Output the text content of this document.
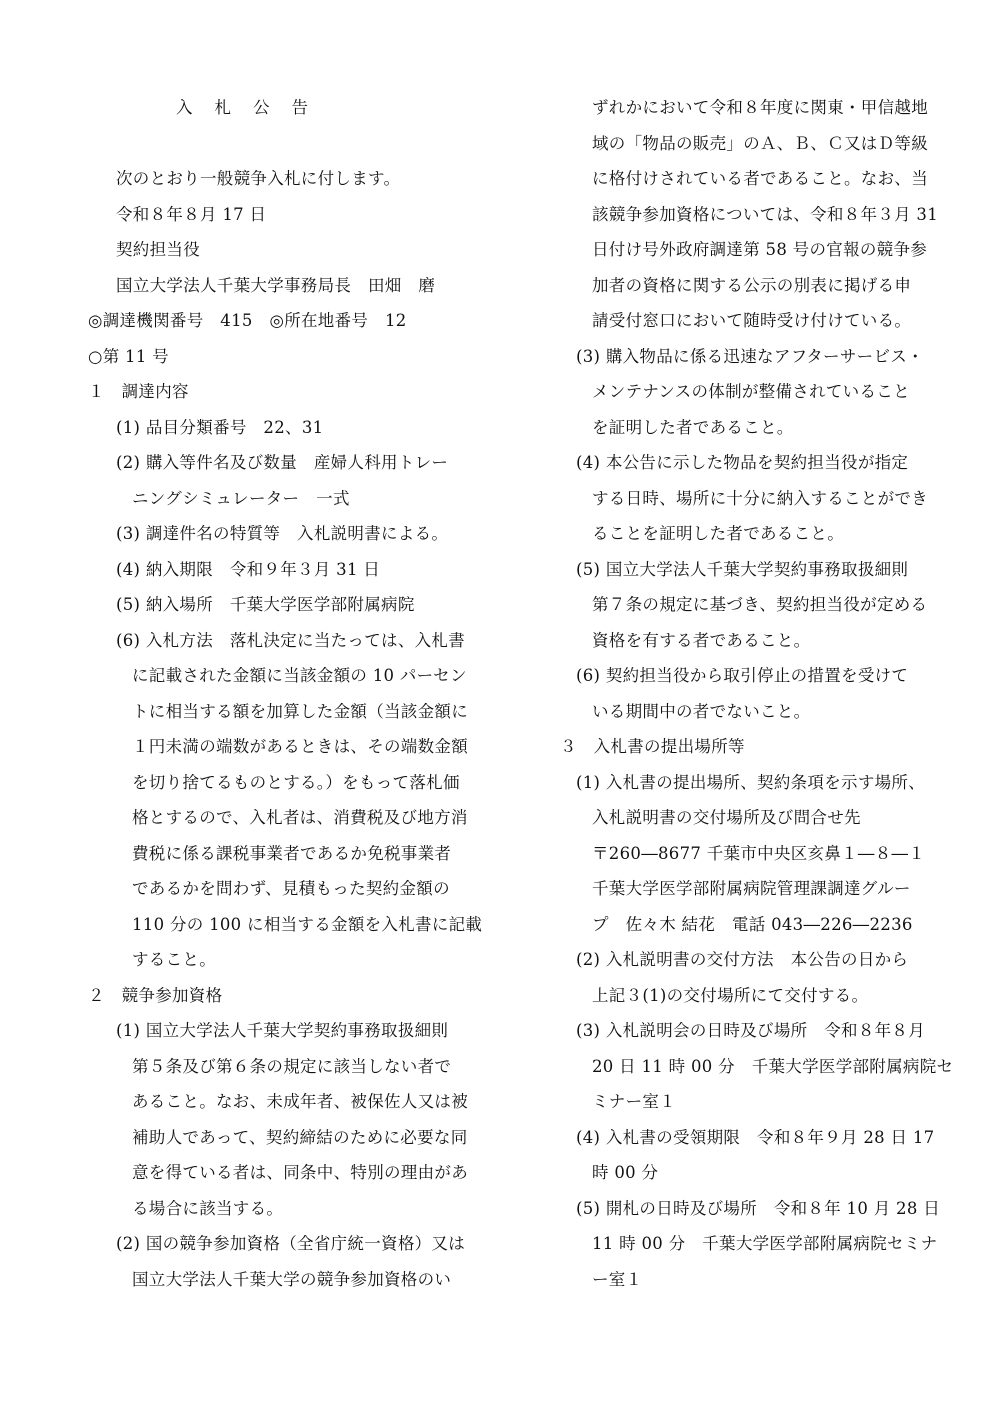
入札公告
次のとおり一般競争入札に付します。
令和８年８月 17 日
契約担当役
国立大学法人千葉大学事務局長　田畑　磨
◎調達機関番号　415　◎所在地番号　12
○第 11 号
１　調達内容
(1) 品目分類番号　22、31
(2) 購入等件名及び数量　産婦人科用トレー
ニングシミュレーター　一式
(3) 調達件名の特質等　入札説明書による。
(4) 納入期限　令和９年３月 31 日
(5) 納入場所　千葉大学医学部附属病院
(6) 入札方法　落札決定に当たっては、入札書
に記載された金額に当該金額の 10 パーセン
トに相当する額を加算した金額（当該金額に
１円未満の端数があるときは、その端数金額
を切り捨てるものとする。）をもって落札価
格とするので、入札者は、消費税及び地方消
費税に係る課税事業者であるか免税事業者
であるかを問わず、見積もった契約金額の
110 分の 100 に相当する金額を入札書に記載
すること。
２　競争参加資格
(1) 国立大学法人千葉大学契約事務取扱細則
第５条及び第６条の規定に該当しない者で
あること。なお、未成年者、被保佐人又は被
補助人であって、契約締結のために必要な同
意を得ている者は、同条中、特別の理由があ
る場合に該当する。
(2) 国の競争参加資格（全省庁統一資格）又は
国立大学法人千葉大学の競争参加資格のい
ずれかにおいて令和８年度に関東・甲信越地
域の「物品の販売」のＡ、Ｂ、Ｃ又はＤ等級
に格付けされている者であること。なお、当
該競争参加資格については、令和８年３月 31
日付け号外政府調達第 58 号の官報の競争参
加者の資格に関する公示の別表に掲げる申
請受付窓口において随時受け付けている。
(3) 購入物品に係る迅速なアフターサービス・
メンテナンスの体制が整備されていること
を証明した者であること。
(4) 本公告に示した物品を契約担当役が指定
する日時、場所に十分に納入することができ
ることを証明した者であること。
(5) 国立大学法人千葉大学契約事務取扱細則
第７条の規定に基づき、契約担当役が定める
資格を有する者であること。
(6) 契約担当役から取引停止の措置を受けて
いる期間中の者でないこと。
３　入札書の提出場所等
(1) 入札書の提出場所、契約条項を示す場所、
入札説明書の交付場所及び問合せ先
〒260―8677 千葉市中央区亥鼻１―８―１
千葉大学医学部附属病院管理課調達グルー
プ　佐々木 結花　電話 043―226―2236
(2) 入札説明書の交付方法　本公告の日から
上記３(1)の交付場所にて交付する。
(3) 入札説明会の日時及び場所　令和８年８月
20 日 11 時 00 分　千葉大学医学部附属病院セ
ミナー室１
(4) 入札書の受領期限　令和８年９月 28 日 17
時 00 分
(5) 開札の日時及び場所　令和８年 10 月 28 日
11 時 00 分　千葉大学医学部附属病院セミナ
ー室１
